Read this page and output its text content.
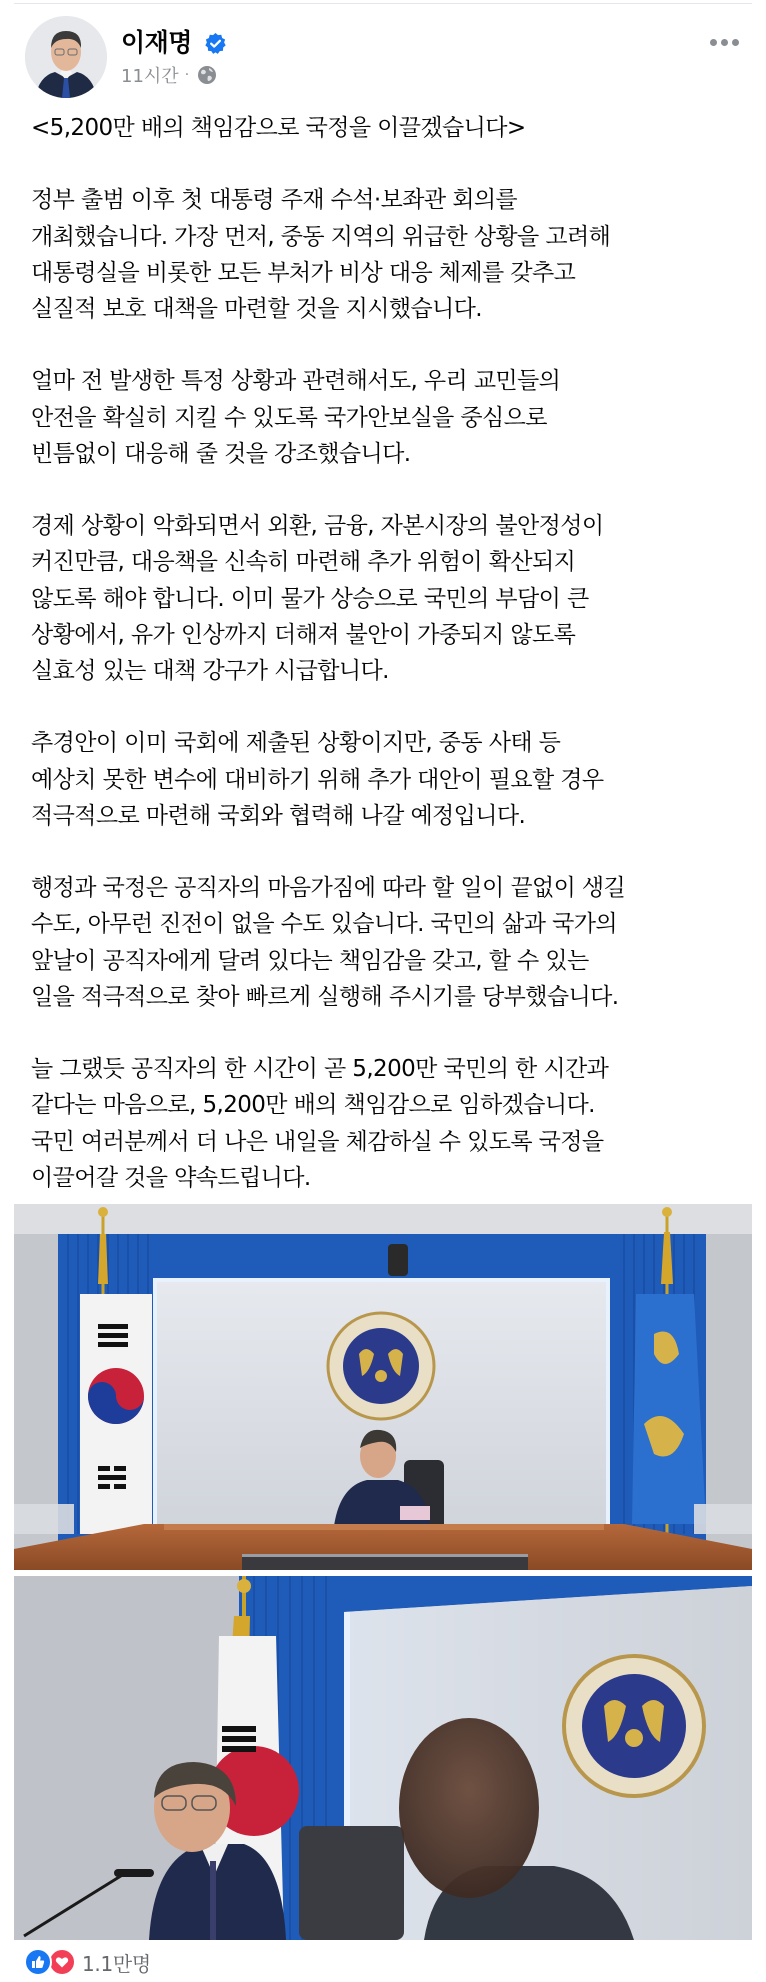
이재명
11시간 ·

<5,200만 배의 책임감으로 국정을 이끌겠습니다>

정부 출범 이후 첫 대통령 주재 수석·보좌관 회의를
개최했습니다. 가장 먼저, 중동 지역의 위급한 상황을 고려해
대통령실을 비롯한 모든 부처가 비상 대응 체제를 갖추고
실질적 보호 대책을 마련할 것을 지시했습니다.

얼마 전 발생한 특정 상황과 관련해서도, 우리 교민들의
안전을 확실히 지킬 수 있도록 국가안보실을 중심으로
빈틈없이 대응해 줄 것을 강조했습니다.

경제 상황이 악화되면서 외환, 금융, 자본시장의 불안정성이
커진만큼, 대응책을 신속히 마련해 추가 위험이 확산되지
않도록 해야 합니다. 이미 물가 상승으로 국민의 부담이 큰
상황에서, 유가 인상까지 더해져 불안이 가중되지 않도록
실효성 있는 대책 강구가 시급합니다.

추경안이 이미 국회에 제출된 상황이지만, 중동 사태 등
예상치 못한 변수에 대비하기 위해 추가 대안이 필요할 경우
적극적으로 마련해 국회와 협력해 나갈 예정입니다.

행정과 국정은 공직자의 마음가짐에 따라 할 일이 끝없이 생길
수도, 아무런 진전이 없을 수도 있습니다. 국민의 삶과 국가의
앞날이 공직자에게 달려 있다는 책임감을 갖고, 할 수 있는
일을 적극적으로 찾아 빠르게 실행해 주시기를 당부했습니다.

늘 그랬듯 공직자의 한 시간이 곧 5,200만 국민의 한 시간과
같다는 마음으로, 5,200만 배의 책임감으로 임하겠습니다.
국민 여러분께서 더 나은 내일을 체감하실 수 있도록 국정을
이끌어갈 것을 약속드립니다.

1.1만명
